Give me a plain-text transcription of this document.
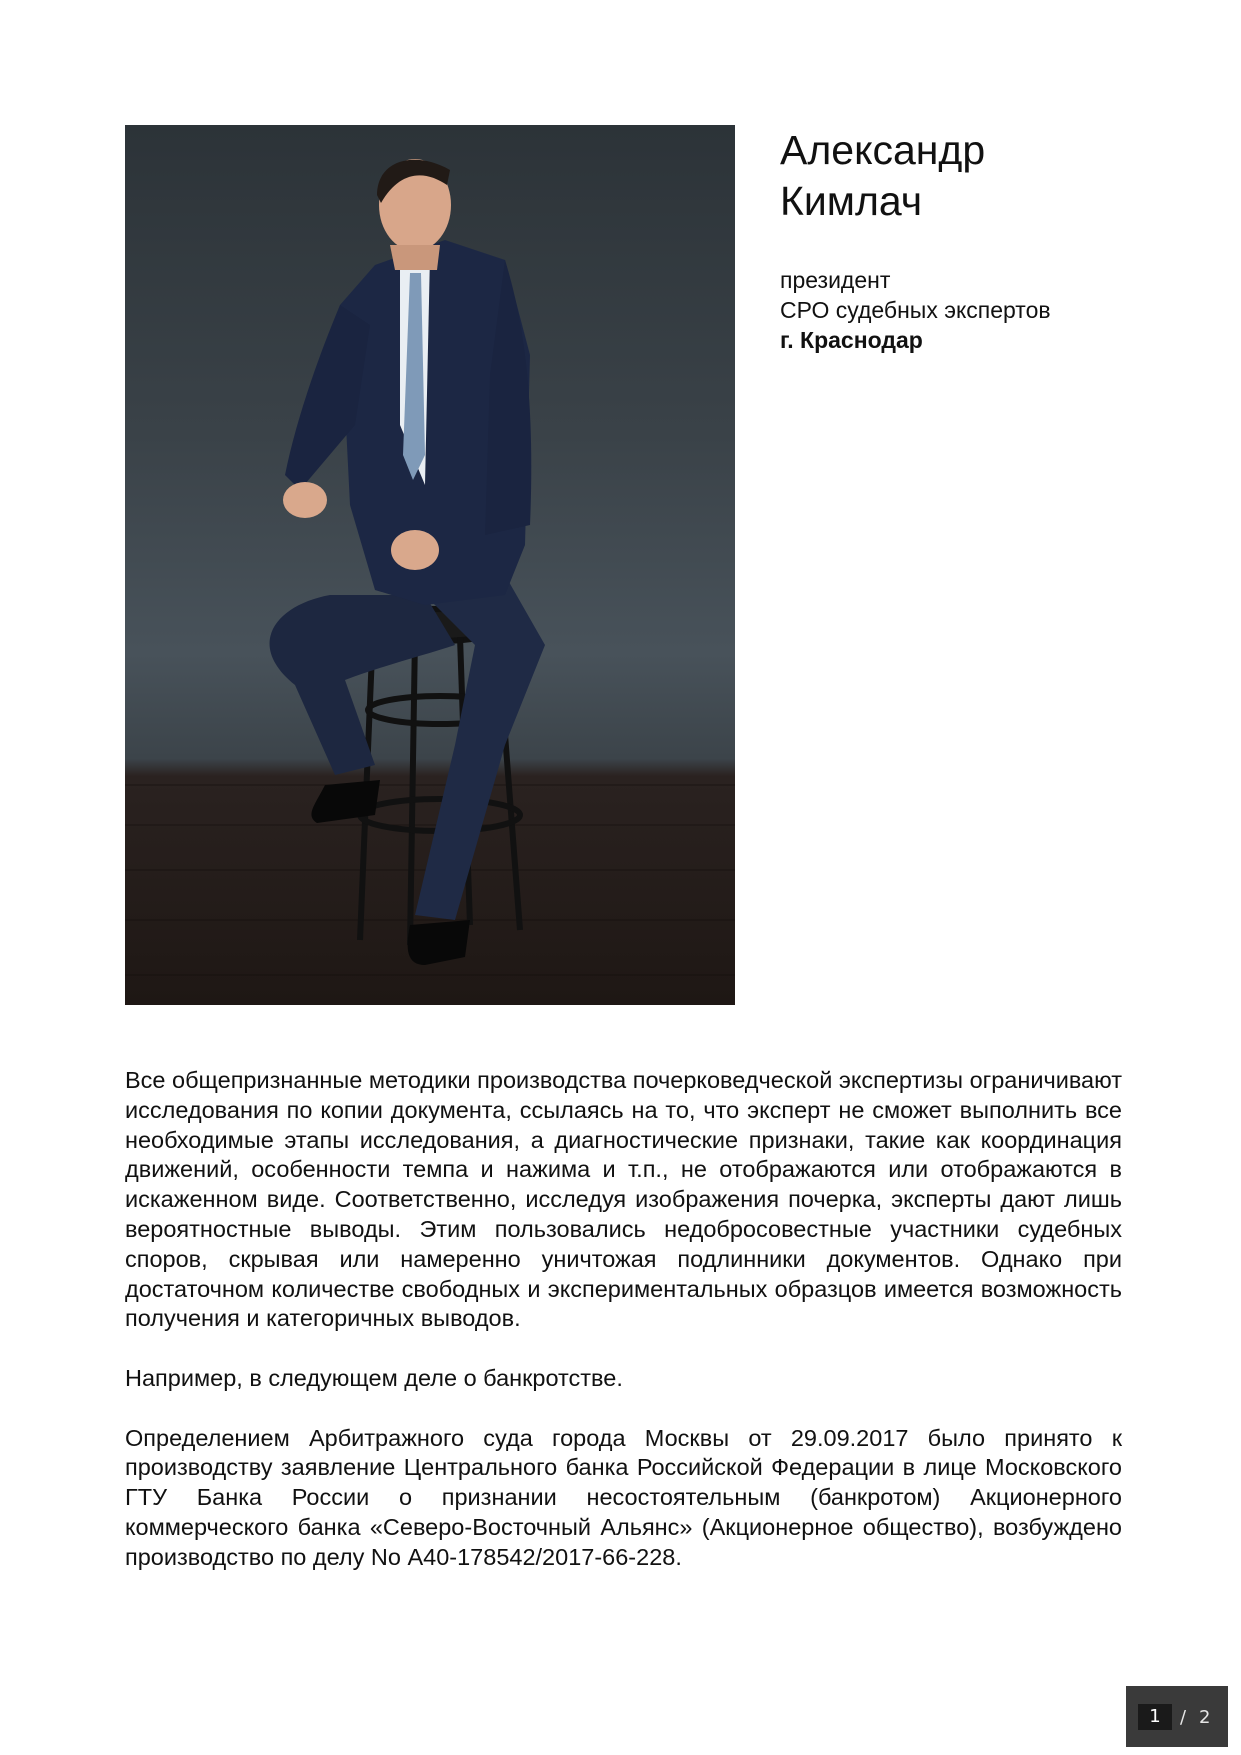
Александр
Кимлач
президент
СРО судебных экспертов
г. Краснодар

Все общепризнанные методики производства почерковедческой экспертизы ограничивают исследования по копии документа, ссылаясь на то, что эксперт не сможет выполнить все необходимые этапы исследования, а диагностические признаки, такие как координация движений, особенности темпа и нажима и т.п., не отображаются или отображаются в искаженном виде. Соответственно, исследуя изображения почерка, эксперты дают лишь вероятностные выводы. Этим пользовались недобросовестные участники судебных споров, скрывая или намеренно уничтожая подлинники документов. Однако при достаточном количестве свободных и экспериментальных образцов имеется возможность получения и категоричных выводов.

Например, в следующем деле о банкротстве.

Определением Арбитражного суда города Москвы от 29.09.2017 было принято к производству заявление Центрального банка Российской Федерации в лице Московского ГТУ Банка России о признании несостоятельным (банкротом) Акционерного коммерческого банка «Северо-Восточный Альянс» (Акционерное общество), возбуждено производство по делу No А40-178542/2017-66-228.

1	/ 2
